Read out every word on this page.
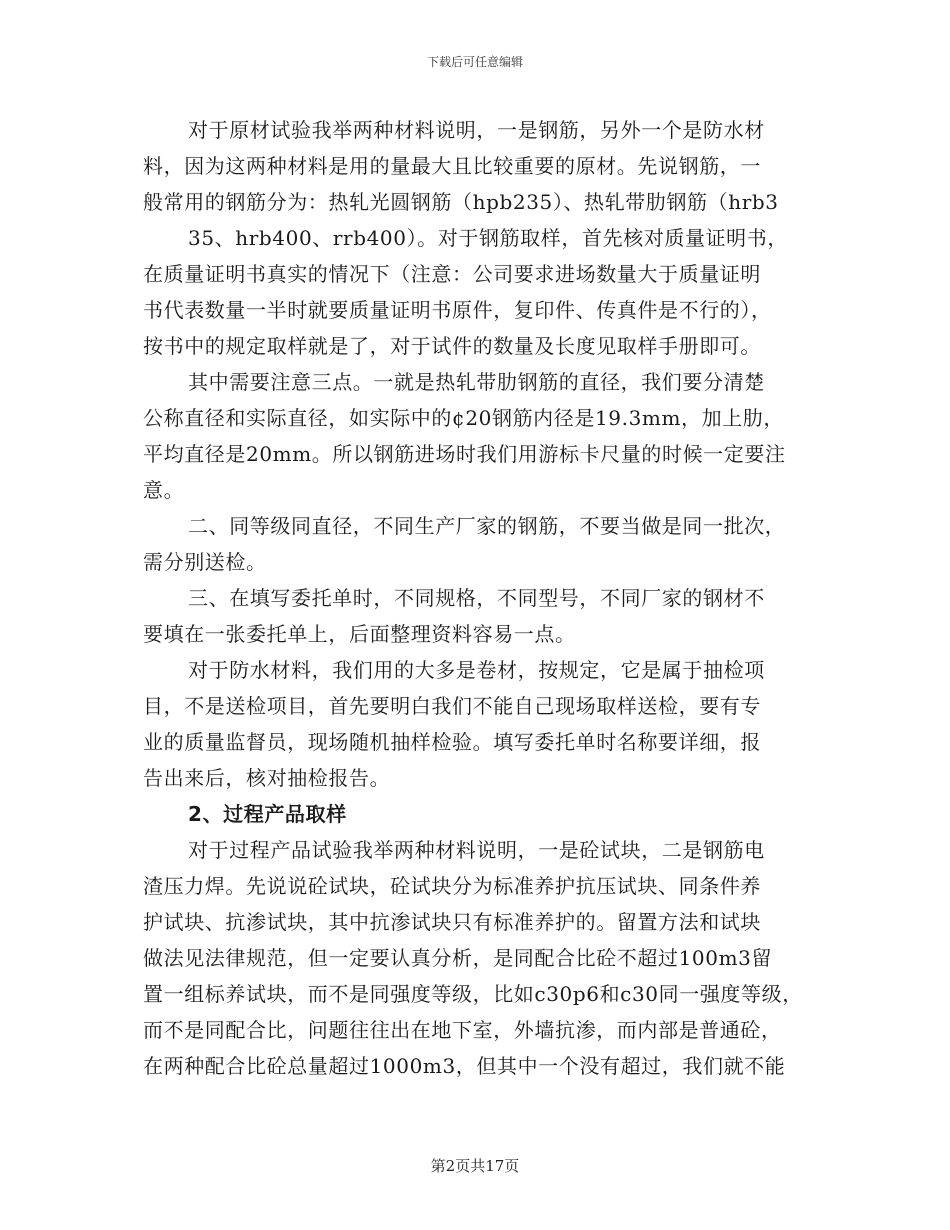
下载后可任意编辑
对于原材试验我举两种材料说明，一是钢筋，另外一个是防水材
料，因为这两种材料是用的量最大且比较重要的原材。先说钢筋，一
般常用的钢筋分为：热轧光圆钢筋（hpb235）、热轧带肋钢筋（hrb3
35、hrb400、rrb400）。对于钢筋取样，首先核对质量证明书，
在质量证明书真实的情况下（注意：公司要求进场数量大于质量证明
书代表数量一半时就要质量证明书原件，复印件、传真件是不行的），
按书中的规定取样就是了，对于试件的数量及长度见取样手册即可。
其中需要注意三点。一就是热轧带肋钢筋的直径，我们要分清楚
公称直径和实际直径，如实际中的¢20钢筋内径是19.3mm，加上肋，
平均直径是20mm。所以钢筋进场时我们用游标卡尺量的时候一定要注
意。
二、同等级同直径，不同生产厂家的钢筋，不要当做是同一批次，
需分别送检。
三、在填写委托单时，不同规格，不同型号，不同厂家的钢材不
要填在一张委托单上，后面整理资料容易一点。
对于防水材料，我们用的大多是卷材，按规定，它是属于抽检项
目，不是送检项目，首先要明白我们不能自己现场取样送检，要有专
业的质量监督员，现场随机抽样检验。填写委托单时名称要详细，报
告出来后，核对抽检报告。
2、过程产品取样
对于过程产品试验我举两种材料说明，一是砼试块，二是钢筋电
渣压力焊。先说说砼试块，砼试块分为标准养护抗压试块、同条件养
护试块、抗渗试块，其中抗渗试块只有标准养护的。留置方法和试块
做法见法律规范，但一定要认真分析，是同配合比砼不超过100m3留
置一组标养试块，而不是同强度等级，比如c30p6和c30同一强度等级，
而不是同配合比，问题往往出在地下室，外墙抗渗，而内部是普通砼，
在两种配合比砼总量超过1000m3，但其中一个没有超过，我们就不能
第2页共17页
